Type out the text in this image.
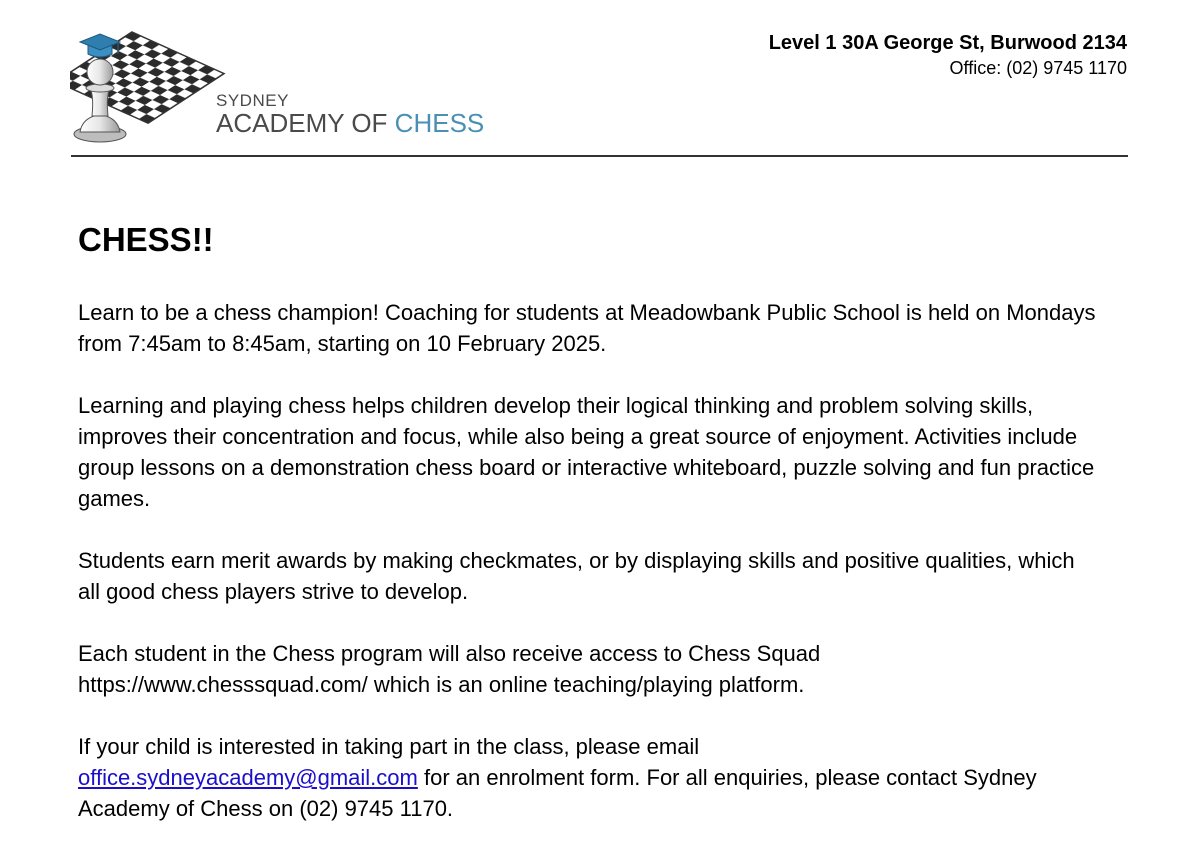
SYDNEY
ACADEMY OF CHESS
Level 1 30A George St, Burwood 2134
Office: (02) 9745 1170
CHESS!!

Learn to be a chess champion! Coaching for students at Meadowbank Public School is held on Mondays from 7:45am to 8:45am, starting on 10 February 2025.

Learning and playing chess helps children develop their logical thinking and problem solving skills, improves their concentration and focus, while also being a great source of enjoyment. Activities include group lessons on a demonstration chess board or interactive whiteboard, puzzle solving and fun practice games.

Students earn merit awards by making checkmates, or by displaying skills and positive qualities, which all good chess players strive to develop.

Each student in the Chess program will also receive access to Chess Squad
https://www.chesssquad.com/ which is an online teaching/playing platform.

If your child is interested in taking part in the class, please email
office.sydneyacademy@gmail.com for an enrolment form. For all enquiries, please contact Sydney Academy of Chess on (02) 9745 1170.
